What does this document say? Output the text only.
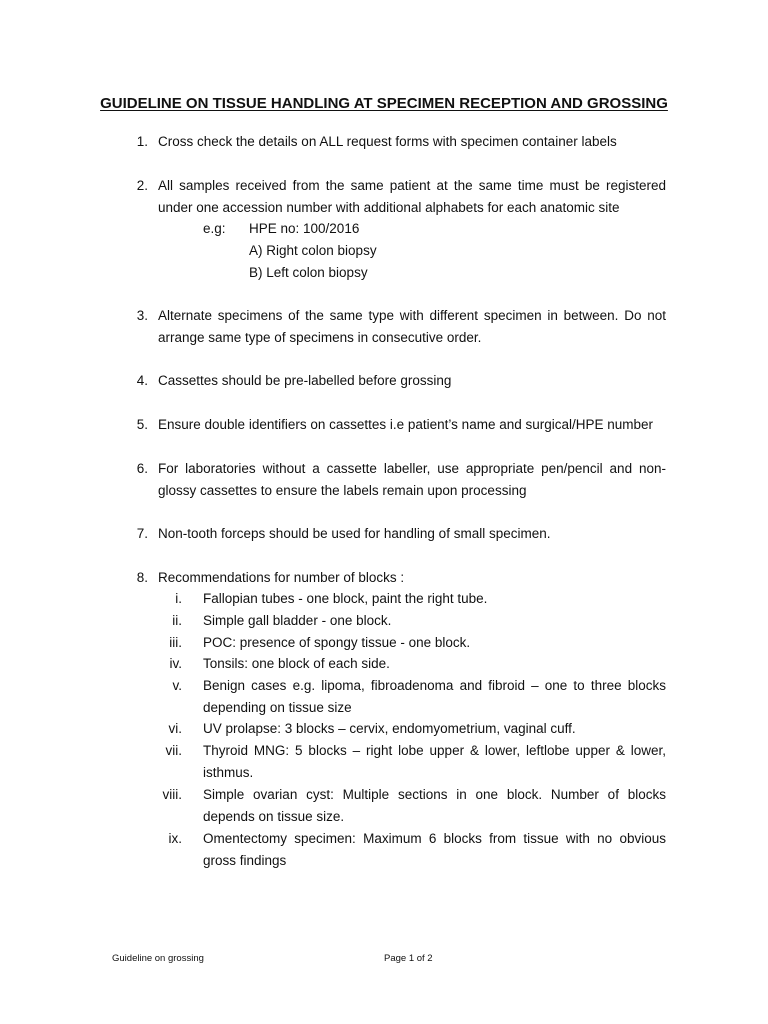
GUIDELINE ON TISSUE HANDLING AT SPECIMEN RECEPTION AND GROSSING
1. Cross check the details on ALL request forms with specimen container labels
2. All samples received from the same patient at the same time must be registered under one accession number with additional alphabets for each anatomic site
e.g: HPE no: 100/2016
A) Right colon biopsy
B) Left colon biopsy
3. Alternate specimens of the same type with different specimen in between. Do not arrange same type of specimens in consecutive order.
4. Cassettes should be pre-labelled before grossing
5. Ensure double identifiers on cassettes i.e patient’s name and surgical/HPE number
6. For laboratories without a cassette labeller, use appropriate pen/pencil and non-glossy cassettes to ensure the labels remain upon processing
7. Non-tooth forceps should be used for handling of small specimen.
8. Recommendations for number of blocks :
i. Fallopian tubes - one block, paint the right tube.
ii. Simple gall bladder - one block.
iii. POC: presence of spongy tissue - one block.
iv. Tonsils: one block of each side.
v. Benign cases e.g. lipoma, fibroadenoma and fibroid – one to three blocks depending on tissue size
vi. UV prolapse: 3 blocks – cervix, endomyometrium, vaginal cuff.
vii. Thyroid MNG: 5 blocks – right lobe upper & lower, leftlobe upper & lower, isthmus.
viii. Simple ovarian cyst: Multiple sections in one block. Number of blocks depends on tissue size.
ix. Omentectomy specimen: Maximum 6 blocks from tissue with no obvious gross findings
Guideline on grossing	Page 1 of 2
